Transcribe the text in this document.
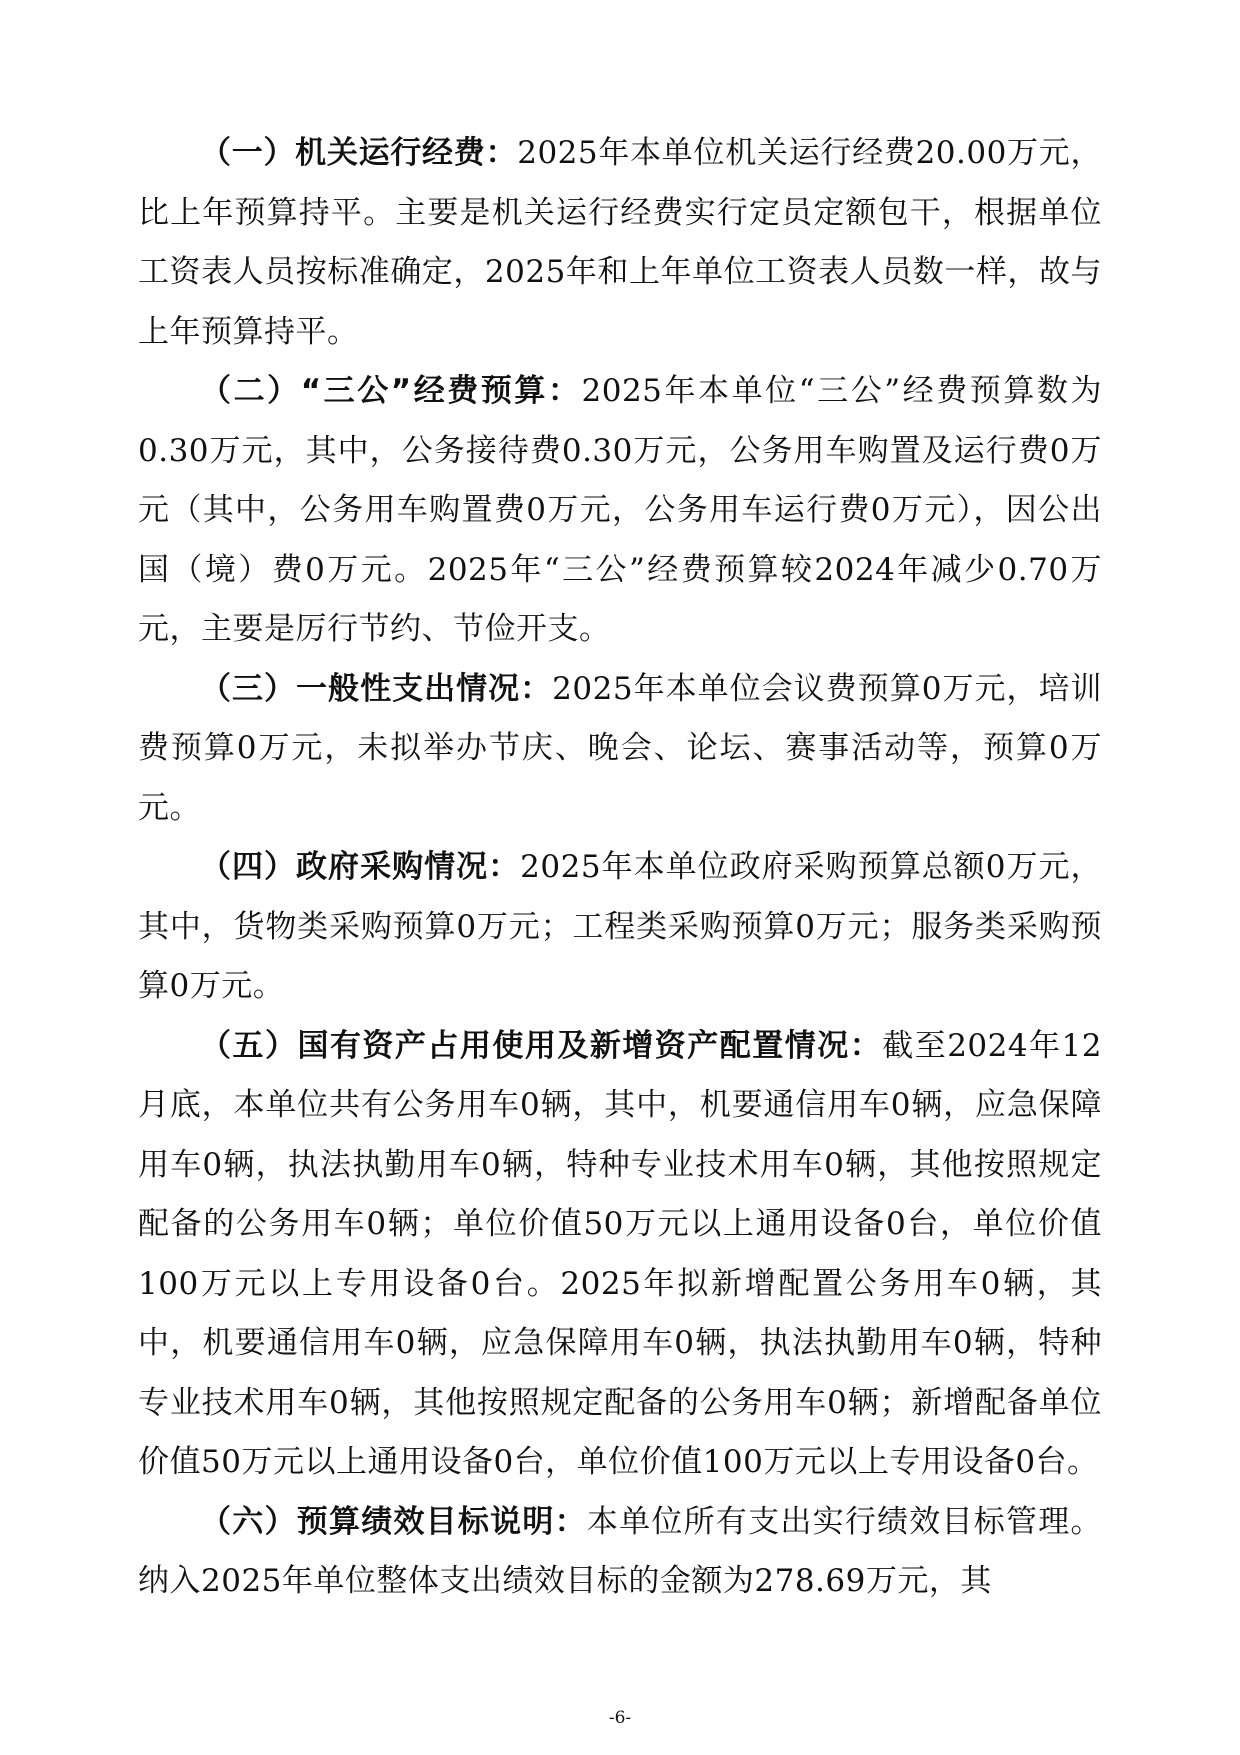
（一）机关运行经费：2025年本单位机关运行经费20.00万元，比上年预算持平。主要是机关运行经费实行定员定额包干，根据单位工资表人员按标准确定，2025年和上年单位工资表人员数一样，故与上年预算持平。

（二）“三公”经费预算：2025年本单位“三公”经费预算数为0.30万元，其中，公务接待费0.30万元，公务用车购置及运行费0万元（其中，公务用车购置费0万元，公务用车运行费0万元），因公出国（境）费0万元。2025年“三公”经费预算较2024年减少0.70万元，主要是厉行节约、节俭开支。

（三）一般性支出情况：2025年本单位会议费预算0万元，培训费预算0万元，未拟举办节庆、晚会、论坛、赛事活动等，预算0万元。

（四）政府采购情况：2025年本单位政府采购预算总额0万元，其中，货物类采购预算0万元；工程类采购预算0万元；服务类采购预算0万元。

（五）国有资产占用使用及新增资产配置情况：截至2024年12月底，本单位共有公务用车0辆，其中，机要通信用车0辆，应急保障用车0辆，执法执勤用车0辆，特种专业技术用车0辆，其他按照规定配备的公务用车0辆；单位价值50万元以上通用设备0台，单位价值100万元以上专用设备0台。2025年拟新增配置公务用车0辆，其中，机要通信用车0辆，应急保障用车0辆，执法执勤用车0辆，特种专业技术用车0辆，其他按照规定配备的公务用车0辆；新增配备单位价值50万元以上通用设备0台，单位价值100万元以上专用设备0台。

（六）预算绩效目标说明：本单位所有支出实行绩效目标管理。纳入2025年单位整体支出绩效目标的金额为278.69万元，其

-6-
